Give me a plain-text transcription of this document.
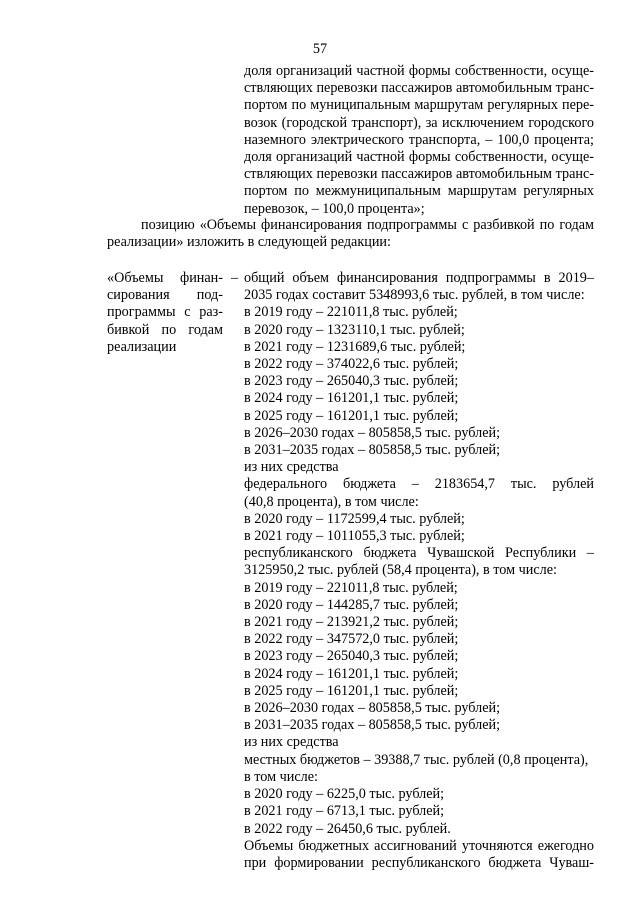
57
доля организаций частной формы собственности, осуще-
ствляющих перевозки пассажиров автомобильным транс-
портом по муниципальным маршрутам регулярных пере-
возок (городской транспорт), за исключением городского
наземного электрического транспорта, – 100,0 процента;
доля организаций частной формы собственности, осуще-
ствляющих перевозки пассажиров автомобильным транс-
портом по межмуниципальным маршрутам регулярных
перевозок, – 100,0 процента»;
позицию «Объемы финансирования подпрограммы с разбивкой по годам
реализации» изложить в следующей редакции:
«Объемы финан-
сирования под-
программы с раз-
бивкой по годам
реализации
– общий объем финансирования подпрограммы в 2019–
2035 годах составит 5348993,6 тыс. рублей, в том числе:
в 2019 году – 221011,8 тыс. рублей;
в 2020 году – 1323110,1 тыс. рублей;
в 2021 году – 1231689,6 тыс. рублей;
в 2022 году – 374022,6 тыс. рублей;
в 2023 году – 265040,3 тыс. рублей;
в 2024 году – 161201,1 тыс. рублей;
в 2025 году – 161201,1 тыс. рублей;
в 2026–2030 годах – 805858,5 тыс. рублей;
в 2031–2035 годах – 805858,5 тыс. рублей;
из них средства
федерального бюджета – 2183654,7 тыс. рублей
(40,8 процента), в том числе:
в 2020 году – 1172599,4 тыс. рублей;
в 2021 году – 1011055,3 тыс. рублей;
республиканского бюджета Чувашской Республики –
3125950,2 тыс. рублей (58,4 процента), в том числе:
в 2019 году – 221011,8 тыс. рублей;
в 2020 году – 144285,7 тыс. рублей;
в 2021 году – 213921,2 тыс. рублей;
в 2022 году – 347572,0 тыс. рублей;
в 2023 году – 265040,3 тыс. рублей;
в 2024 году – 161201,1 тыс. рублей;
в 2025 году – 161201,1 тыс. рублей;
в 2026–2030 годах – 805858,5 тыс. рублей;
в 2031–2035 годах – 805858,5 тыс. рублей;
из них средства
местных бюджетов – 39388,7 тыс. рублей (0,8 процента),
в том числе:
в 2020 году – 6225,0 тыс. рублей;
в 2021 году – 6713,1 тыс. рублей;
в 2022 году – 26450,6 тыс. рублей.
Объемы бюджетных ассигнований уточняются ежегодно
при формировании республиканского бюджета Чуваш-
